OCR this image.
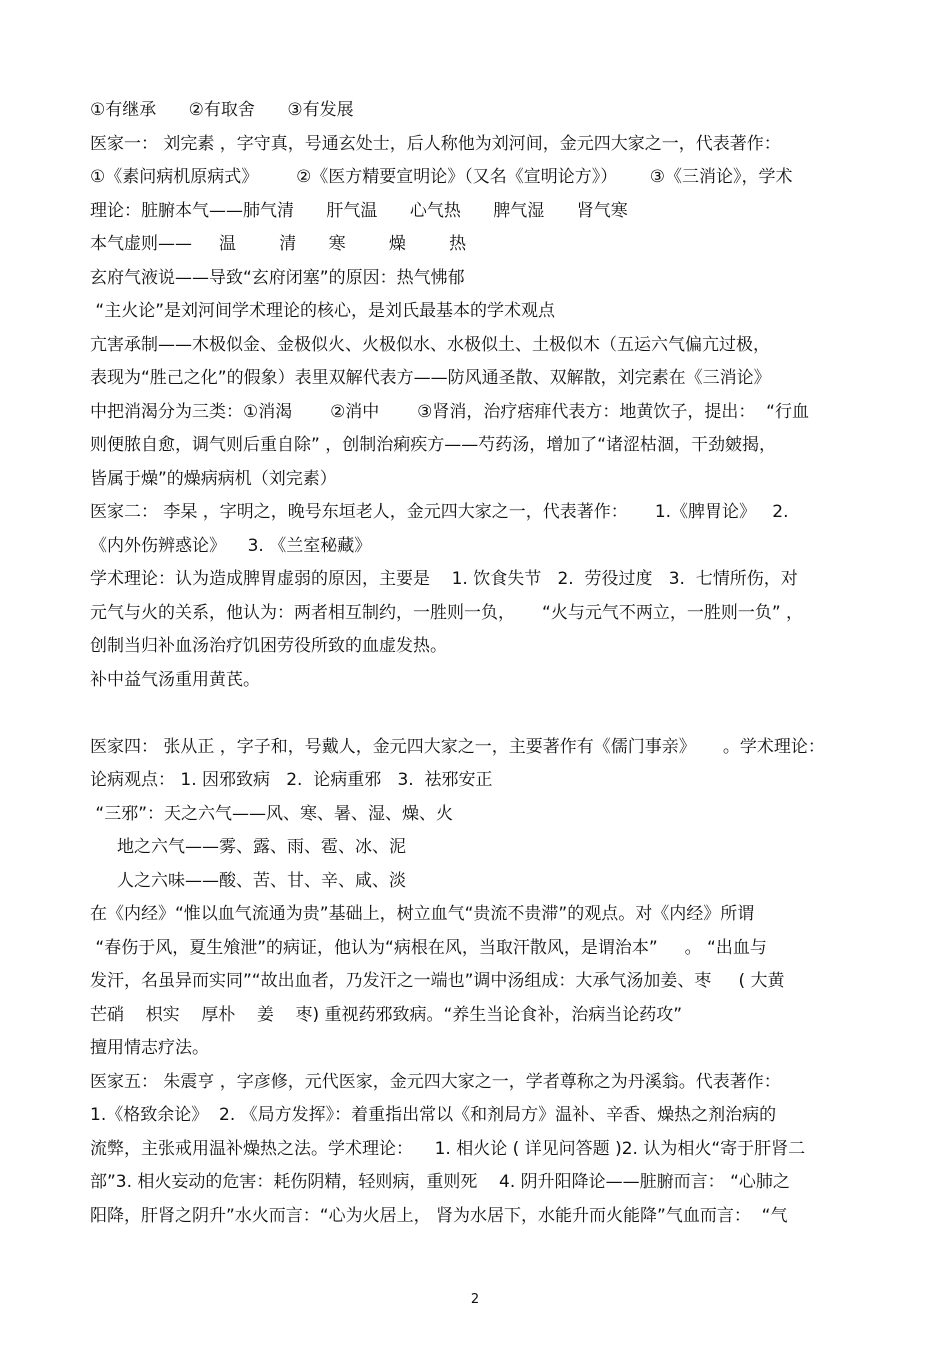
①有继承      ②有取舍      ③有发展
医家一： 刘完素 ，字守真，号通玄处士，后人称他为刘河间，金元四大家之一，代表著作：
①《素问病机原病式》       ②《医方精要宣明论》（又名《宣明论方》）      ③《三消论》，学术
理论：脏腑本气——肺气清      肝气温      心气热      脾气湿      肾气寒
本气虚则——     温        清      寒        燥        热
玄府气液说——导致“玄府闭塞”的原因：热气怫郁
“主火论”是刘河间学术理论的核心，是刘氏最基本的学术观点
亢害承制——木极似金、金极似火、火极似水、水极似土、土极似木（五运六气偏亢过极，
表现为“胜己之化”的假象）表里双解代表方——防风通圣散、双解散，刘完素在《三消论》
中把消渴分为三类：①消渴       ②消中       ③肾消，治疗痞痱代表方：地黄饮子，提出：  “行血
则便脓自愈，调气则后重自除” ，创制治痢疾方——芍药汤，增加了“诸涩枯涸，干劲皴揭，
皆属于燥”的燥病病机（刘完素）
医家二： 李杲 ，字明之，晚号东垣老人，金元四大家之一，代表著作：     1.《脾胃论》   2.
《内外伤辨惑论》    3. 《兰室秘藏》
学术理论：认为造成脾胃虚弱的原因，主要是    1. 饮食失节   2.  劳役过度   3.  七情所伤，对
元气与火的关系，他认为：两者相互制约，一胜则一负，     “火与元气不两立，一胜则一负” ，
创制当归补血汤治疗饥困劳役所致的血虚发热。
补中益气汤重用黄芪。
医家四： 张从正 ，字子和，号戴人，金元四大家之一，主要著作有《儒门事亲》     。学术理论：
论病观点： 1. 因邪致病   2.  论病重邪   3.  祛邪安正
“三邪”：天之六气——风、寒、暑、湿、燥、火
地之六气——雾、露、雨、雹、冰、泥
人之六味——酸、苦、甘、辛、咸、淡
在《内经》“惟以血气流通为贵”基础上，树立血气“贵流不贵滞”的观点。对《内经》所谓
“春伤于风，夏生飧泄”的病证，他认为“病根在风，当取汗散风，是谓治本”     。 “出血与
发汗，名虽异而实同”“故出血者，乃发汗之一端也”调中汤组成：大承气汤加姜、枣     ( 大黄
芒硝    枳实    厚朴    姜    枣) 重视药邪致病。“养生当论食补，治病当论药攻”
擅用情志疗法。
医家五： 朱震亨 ，字彦修，元代医家，金元四大家之一，学者尊称之为丹溪翁。代表著作：
1.《格致余论》  2. 《局方发挥》：着重指出常以《和剂局方》温补、辛香、燥热之剂治病的
流弊，主张戒用温补燥热之法。学术理论：    1. 相火论 ( 详见问答题 )2. 认为相火“寄于肝肾二
部”3. 相火妄动的危害：耗伤阴精，轻则病，重则死    4. 阴升阳降论——脏腑而言： “心肺之
阳降，肝肾之阴升”水火而言：“心为火居上， 肾为水居下，水能升而火能降”气血而言：  “气
2
